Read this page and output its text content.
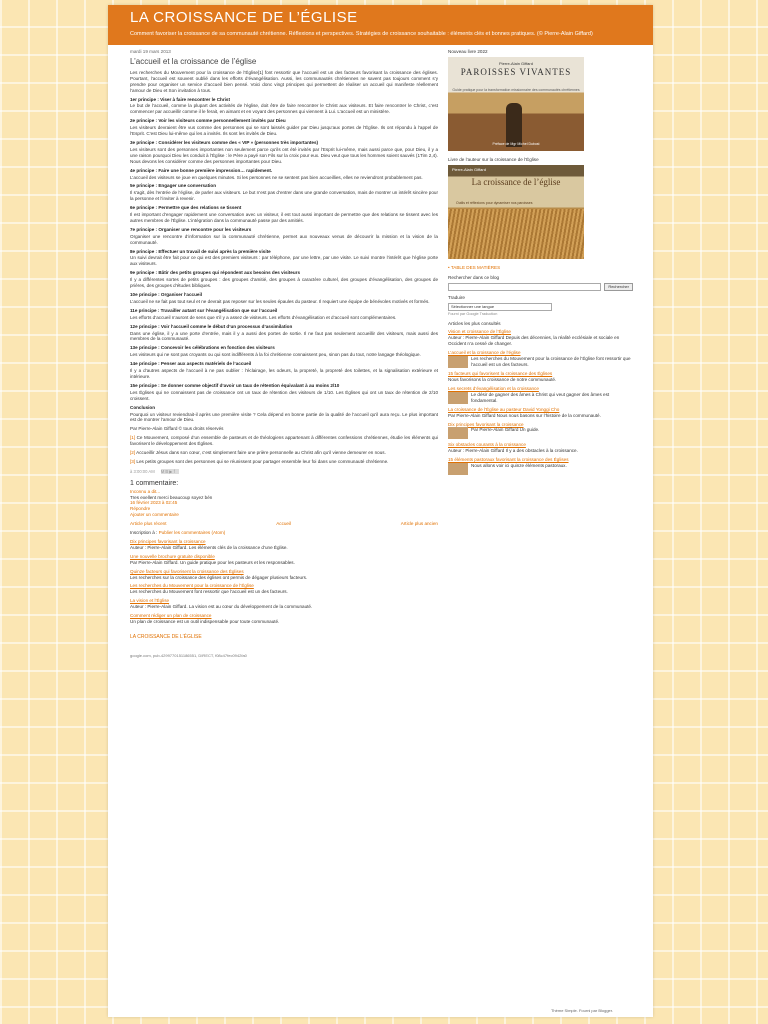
LA CROISSANCE DE L’ÉGLISE

Comment favoriser la croissance de sa communauté chrétienne. Réflexions et perspectives. Stratégies de croissance souhaitable : éléments clés et bonnes pratiques. (© Pierre-Alain Giffard)

mardi 19 mars 2013
L’accueil et la croissance de l’église

Les recherches du Mouvement pour la croissance de l’Église[1] font ressortir que l’accueil est un des facteurs favorisant la croissance des églises. Pourtant, l’accueil est souvent oublié dans les efforts d’évangélisation. Aussi, les communautés chrétiennes ne savent pas toujours comment s’y prendre pour organiser un service d’accueil bien pensé. Voici donc vingt principes qui permettent de réaliser un accueil qui manifeste réellement l’amour de Dieu et Son invitation à tous.

1er principe : Viser à faire rencontrer le Christ

Le but de l’accueil, comme la plupart des activités de l’église, doit être de faire rencontrer le Christ aux visiteurs. Et faire rencontrer le Christ, c’est commencer par accueillir comme il le ferait, en aimant et en voyant des personnes qui viennent à Lui. L’accueil est un ministère.

2e principe : Voir les visiteurs comme personnellement invités par Dieu

Les visiteurs devraient être vus comme des personnes qui se sont laissés guider par Dieu jusqu’aux portes de l’Église. Ils ont répondu à l’appel de l’Esprit. C’est Dieu lui-même qui les a invités. Ils sont les invités de Dieu.

3e principe : Considérer les visiteurs comme des « VIP » (personnes très importantes)

Les visiteurs sont des personnes importantes non seulement parce qu’ils ont été invités par l’Esprit lui-même, mais aussi parce que, pour Dieu, il y a une raison pourquoi Dieu les conduit à l’Église : le Père a payé son Fils sur la croix pour eux. Dieu veut que tous les hommes soient sauvés (1Tim 2,4). Nous devons les considérer comme des personnes importantes pour Dieu.

4e principe : Faire une bonne première impression… rapidement.

L’accueil des visiteurs se joue en quelques minutes. Si les personnes ne se sentent pas bien accueillies, elles ne reviendront probablement pas.

5e principe : Engager une conversation

Il s’agit, dès l’entrée de l’église, de parler aux visiteurs. Le but n’est pas d’entrer dans une grande conversation, mais de montrer un intérêt sincère pour la personne et l’inviter à revenir.

6e principe : Permettre que des relations se tissent

Il est important d’engager rapidement une conversation avec un visiteur, il est tout aussi important de permettre que des relations se tissent avec les autres membres de l’Église. L’intégration dans la communauté passe par des amitiés.

7e principe : Organiser une rencontre pour les visiteurs

Organiser une rencontre d’information sur la communauté chrétienne, permet aux nouveaux venus de découvrir la mission et la vision de la communauté.

8e principe : Effectuer un travail de suivi après la première visite

Un suivi devrait être fait pour ce qui est des premiers visiteurs : par téléphone, par une lettre, par une visite. Le suivi montre l’intérêt que l’église porte aux visiteurs.

9e principe : Bâtir des petits groupes qui répondent aux besoins des visiteurs

Il y a différentes sortes de petits groupes : des groupes d’amitié, des groupes à caractère culturel, des groupes d’évangélisation, des groupes de prières, des groupes d’études bibliques.

10e principe : Organiser l’accueil

L’accueil ne se fait pas tout seul et ne devrait pas reposer sur les seules épaules du pasteur. Il requiert une équipe de bénévoles motivés et formés.

11e principe : Travailler autant sur l’évangélisation que sur l’accueil

Les efforts d’accueil n’auront de sens que s’il y a assez de visiteurs. Les efforts d’évangélisation et d’accueil sont complémentaires.

12e principe : Voir l’accueil comme le début d’un processus d’assimilation

Dans une église, il y a une porte d’entrée, mais il y a aussi des portes de sortie. Il ne faut pas seulement accueillir des visiteurs, mais aussi des membres de la communauté.

13e principe : Concevoir les célébrations en fonction des visiteurs

Les visiteurs qui ne sont pas croyants ou qui sont indifférents à la foi chrétienne connaissent peu, sinon pas du tout, notre langage théologique.

14e principe : Penser aux aspects matériels de l’accueil

Il y a d’autres aspects de l’accueil à ne pas oublier : l’éclairage, les odeurs, la propreté, la propreté des toilettes, et la signalisation extérieure et intérieure.

15e principe : Se donner comme objectif d’avoir un taux de rétention équivalant à au moins 2/10

Les Églises qui ne connaissent pas de croissance ont un taux de rétention des visiteurs de 1/10. Les Églises qui ont un taux de rétention de 2/10 croissent.

Conclusion

Pourquoi un visiteur reviendrait-il après une première visite ? Cela dépend en bonne partie de la qualité de l’accueil qu’il aura reçu. Le plus important est de montrer l’amour de Dieu.

Par Pierre-Alain Giffard © tous droits réservés

[1] Ce Mouvement, composé d’un ensemble de pasteurs et de théologiens appartenant à différentes confessions chrétiennes, étudie les éléments qui favorisent le développement des Églises.

[2] Accueillir Jésus dans son cœur, c’est simplement faire une prière personnelle au Christ afin qu’il vienne demeurer en nous.

[3] Les petits groupes sont des personnes qui se réunissent pour partager ensemble leur foi dans une communauté chrétienne.

à 3:00:00 AM M B ▶ f
1 commentaire:
Inconnu a dit...
Tres exellent merci beaucoup soyez bén
16 février 2023 à 02:45
Répondre
Ajouter un commentaire
Article plus récent	Accueil	Article plus ancien
Inscription à : Publier les commentaires (Atom)
Dix principes favorisant la croissance
Auteur : Pierre-Alain Giffard. Les éléments clés de la croissance d’une Église.
Une nouvelle brochure gratuite disponible
Par Pierre-Alain Giffard. Un guide pratique pour les pasteurs et les responsables.
Quinze facteurs qui favorisent la croissance des Églises
Les recherches sur la croissance des églises ont permis de dégager plusieurs facteurs.
Les recherches du Mouvement pour la croissance de l’Église
Les recherches du Mouvement font ressortir que l’accueil est un des facteurs.
La vision et l’Église
Auteur : Pierre-Alain Giffard. La vision est au cœur du développement de la communauté.
Comment rédiger un plan de croissance
Un plan de croissance est un outil indispensable pour toute communauté.
LA CROISSANCE DE L’ÉGLISE
google.com, pub-4299770151186551, DIRECT, f08c47fec0942fa0
Nouveau livre 2022
Pierre-Alain Giffard
PAROISSES VIVANTES
Guide pratique pour la transformation missionnaire des communautés chrétiennes
Préface de Mgr Michel Dubost
Livre de l’auteur sur la croissance de l’Église
Pierre-Alain Giffard
La croissance de l’église
Outils et réflexions pour dynamiser nos paroisses
• TABLE DES MATIÈRES
Rechercher dans ce blog
Rechercher
Traduire
Sélectionner une langue
Fourni par Google Traduction
Articles les plus consultés
Vision et croissance de l’Église
Auteur : Pierre-Alain Giffard Depuis des décennies, la réalité ecclésiale et sociale en Occident n’a cessé de changer.
L’accueil et la croissance de l’église
Les recherches du Mouvement pour la croissance de l’Église font ressortir que l’accueil est un des facteurs.
15 facteurs qui favorisent la croissance des Églises
Nous favorisons la croissance de notre communauté.
Les secrets d’évangélisation et la croissance
Le désir de gagner des âmes à Christ qui veut gagner des âmes est fondamental.
La croissance de l’Église au pasteur David Yonggi Cho
Par Pierre-Alain Giffard Nous nous basons sur l’histoire de la communauté.
Dix principes favorisant la croissance
Par Pierre-Alain Giffard Un guide.
Six obstacles courants à la croissance
Auteur : Pierre-Alain Giffard Il y a des obstacles à la croissance.
15 éléments pastoraux favorisant la croissance des Églises
Nous allons voir ici quinze éléments pastoraux.
Thème Simple. Fourni par Blogger.
